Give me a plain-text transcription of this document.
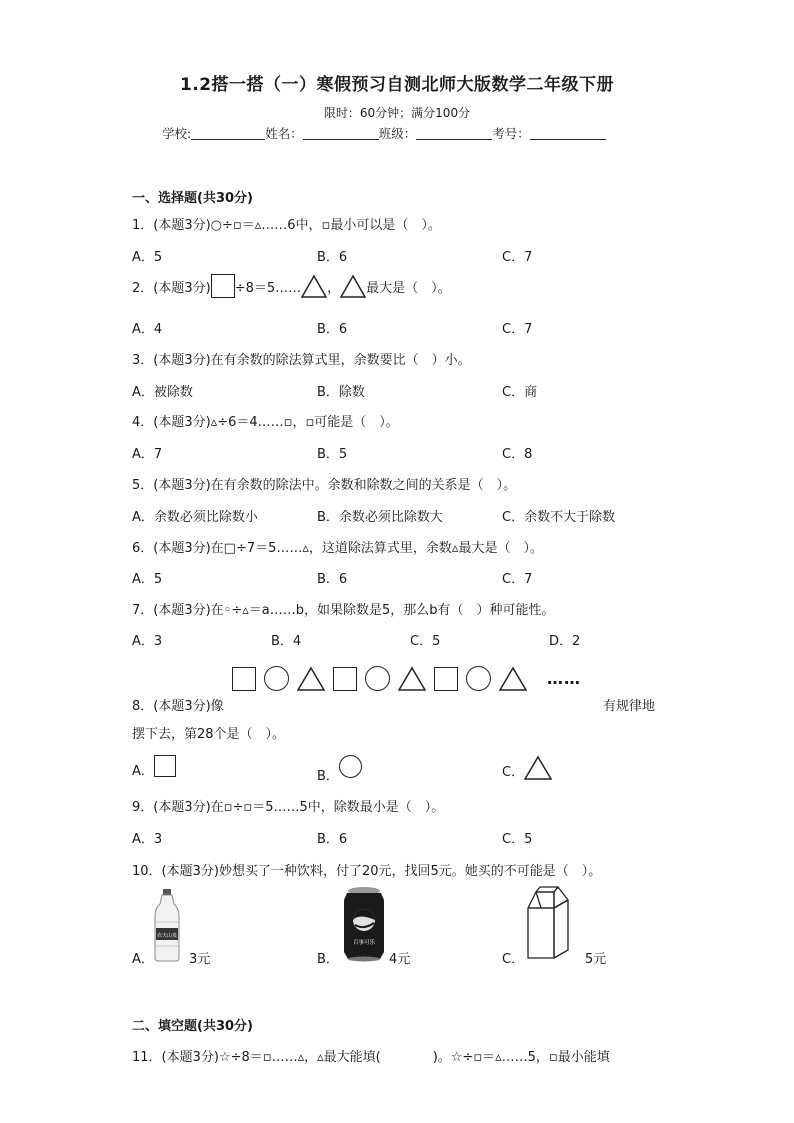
1.2搭一搭（一）寒假预习自测北师大版数学二年级下册
限时：60分钟；满分100分
学校:	姓名：	班级：	考号：
一、选择题(共30分)
1．(本题3分)○÷▫＝▵……6中，▫最小可以是（　）。
A．5	B．6	C．7
2．(本题3分) ÷8＝5…… ， 最大是（　）。
A．4	B．6	C．7
3．(本题3分)在有余数的除法算式里，余数要比（　）小。
A．被除数	B．除数	C．商
4．(本题3分)▵÷6＝4……▫，▫可能是（　）。
A．7	B．5	C．8
5．(本题3分)在有余数的除法中。余数和除数之间的关系是（　）。
A．余数必须比除数小	B．余数必须比除数大	C．余数不大于除数
6．(本题3分)在□÷7＝5……▵，这道除法算式里，余数▵最大是（　）。
A．5	B．6	C．7
7．(本题3分)在◦÷▵＝a……b，如果除数是5，那么b有（　）种可能性。
A．3	B．4	C．5	D．2
……
8．(本题3分)像	有规律地
摆下去，第28个是（　）。
A．	B．	C．
9．(本题3分)在▫÷▫＝5……5中，除数最小是（　）。
A．3	B．6	C．5
10．(本题3分)妙想买了一种饮料，付了20元，找回5元。她买的不可能是（　）。
A．
农夫山泉
3元	B．
百事可乐
4元	C．	5元
二、填空题(共30分)
11．(本题3分)☆÷8＝▫……▵，▵最大能填(　　　　)。☆÷▫＝▵……5，▫最小能填
